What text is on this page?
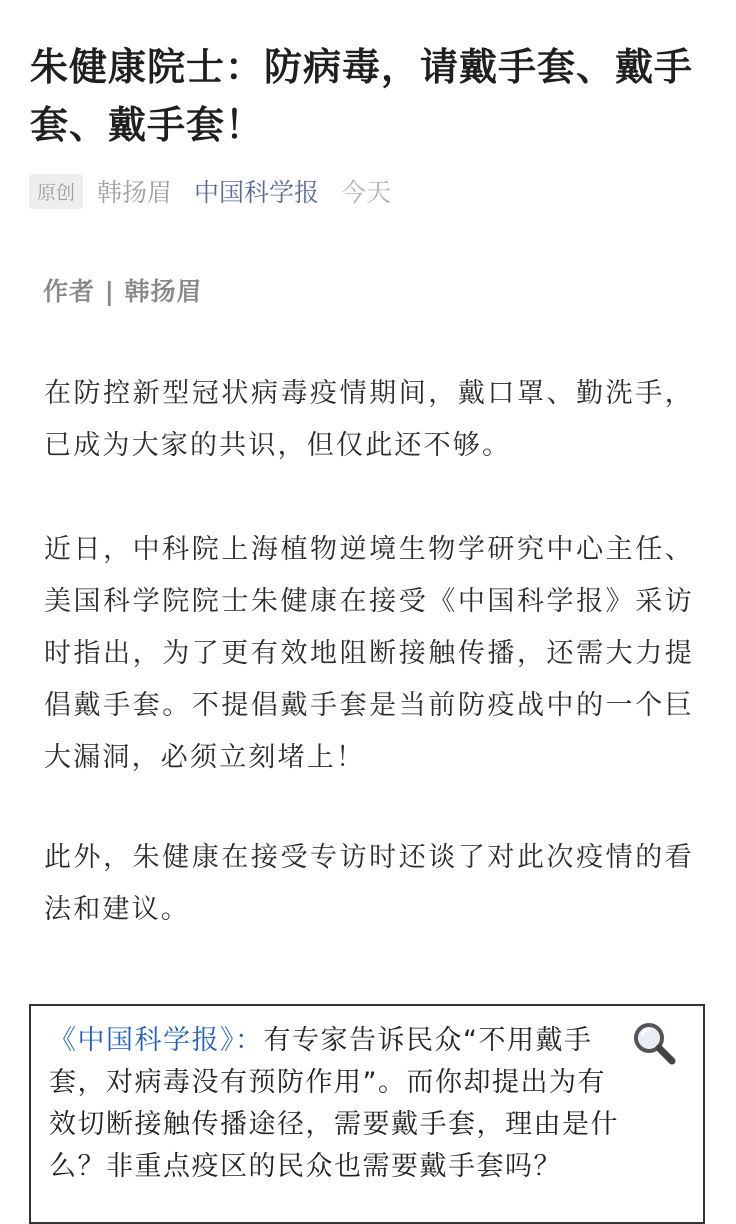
朱健康院士：防病毒，请戴手套、戴手套、戴手套！
原创 韩扬眉 中国科学报 今天
作者 | 韩扬眉

在防控新型冠状病毒疫情期间，戴口罩、勤洗手，已成为大家的共识，但仅此还不够。

近日，中科院上海植物逆境生物学研究中心主任、美国科学院院士朱健康在接受《中国科学报》采访时指出，为了更有效地阻断接触传播，还需大力提倡戴手套。不提倡戴手套是当前防疫战中的一个巨大漏洞，必须立刻堵上！

此外，朱健康在接受专访时还谈了对此次疫情的看法和建议。

《中国科学报》：有专家告诉民众“不用戴手套，对病毒没有预防作用”。而你却提出为有效切断接触传播途径，需要戴手套，理由是什么？非重点疫区的民众也需要戴手套吗？
